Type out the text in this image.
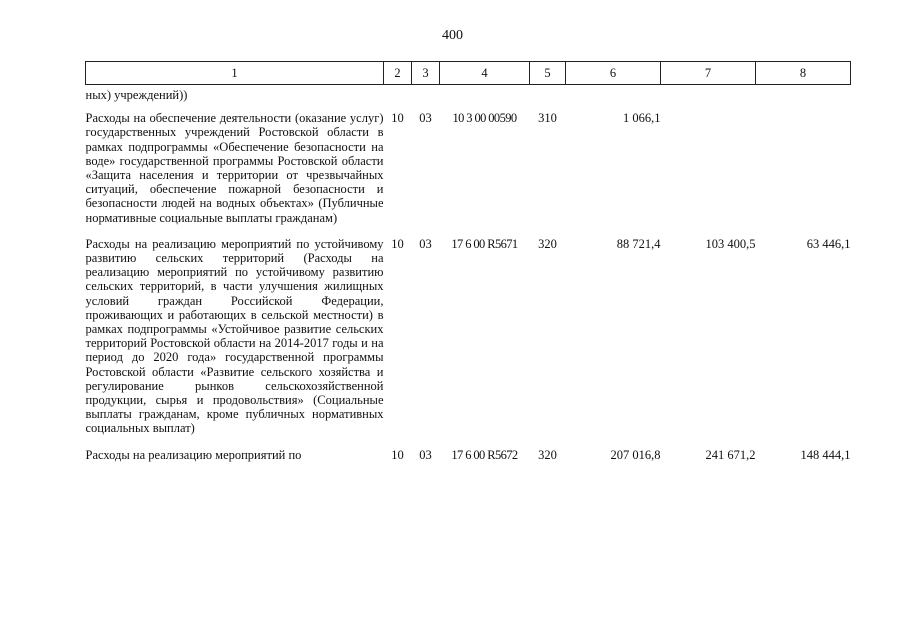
400
1	2	3	4	5	6	7	8
ных) учреждений))							
Расходы на обеспечение деятельности (оказание услуг) государственных учреждений Ростовской области в рамках подпрограммы «Обеспечение безопасности на воде» государственной программы Ростовской области «Защита населения и территории от чрезвычайных ситуаций, обеспечение пожарной безопасности и безопасности людей на водных объектах» (Публичные нормативные социальные выплаты гражданам)	10	03	10 3 00 00590	310	1 066,1		
Расходы на реализацию мероприятий по устойчивому развитию сельских территорий (Расходы на реализацию мероприятий по устойчивому развитию сельских территорий, в части улучшения жилищных условий граждан Российской Федерации, проживающих и работающих в сельской местности) в рамках подпрограммы «Устойчивое развитие сельских территорий Ростовской области на 2014-2017 годы и на период до 2020 года» государственной программы Ростовской области «Развитие сельского хозяйства и регулирование рынков сельскохозяйственной продукции, сырья и продовольствия» (Социальные выплаты гражданам, кроме публичных нормативных социальных выплат)	10	03	17 6 00 R5671	320	88 721,4	103 400,5	63 446,1
Расходы на реализацию мероприятий по	10	03	17 6 00 R5672	320	207 016,8	241 671,2	148 444,1
